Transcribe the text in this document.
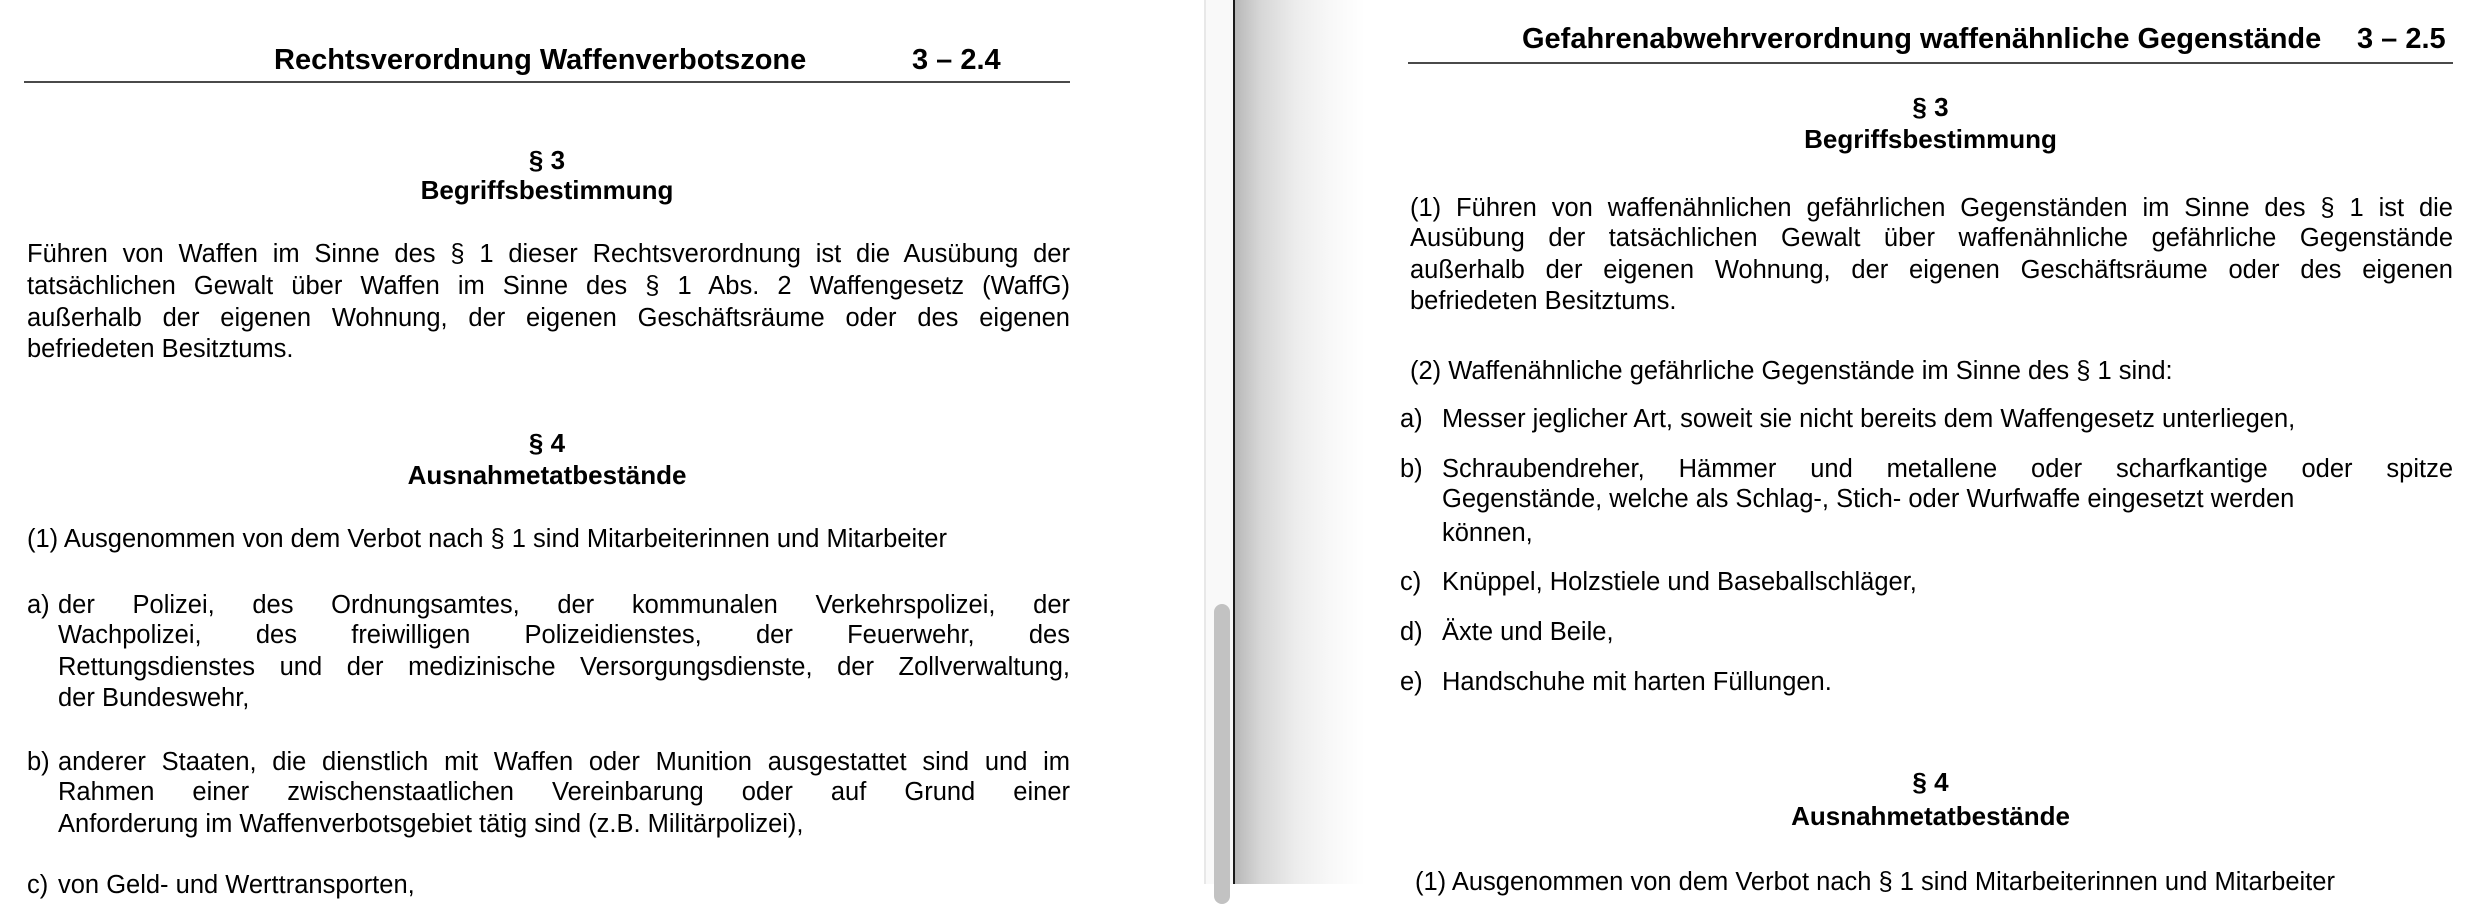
Rechtsverordnung Waffenverbotszone	3 – 2.4
§ 3
Begriffsbestimmung
Führen von Waffen im Sinne des § 1 dieser Rechtsverordnung ist die Ausübung der
tatsächlichen Gewalt über Waffen im Sinne des § 1 Abs. 2 Waffengesetz (WaffG)
außerhalb der eigenen Wohnung, der eigenen Geschäftsräume oder des eigenen
befriedeten Besitztums.
§ 4
Ausnahmetatbestände
(1) Ausgenommen von dem Verbot nach § 1 sind Mitarbeiterinnen und Mitarbeiter
a) der Polizei, des Ordnungsamtes, der kommunalen Verkehrspolizei, der
Wachpolizei, des freiwilligen Polizeidienstes, der Feuerwehr, des
Rettungsdienstes und der medizinische Versorgungsdienste, der Zollverwaltung,
der Bundeswehr,
b) anderer Staaten, die dienstlich mit Waffen oder Munition ausgestattet sind und im
Rahmen einer zwischenstaatlichen Vereinbarung oder auf Grund einer
Anforderung im Waffenverbotsgebiet tätig sind (z.B. Militärpolizei),
c) von Geld- und Werttransporten,
Gefahrenabwehrverordnung waffenähnliche Gegenstände 3 – 2.5
§ 3
Begriffsbestimmung
(1) Führen von waffenähnlichen gefährlichen Gegenständen im Sinne des § 1 ist die
Ausübung der tatsächlichen Gewalt über waffenähnliche gefährliche Gegenstände
außerhalb der eigenen Wohnung, der eigenen Geschäftsräume oder des eigenen
befriedeten Besitztums.
(2) Waffenähnliche gefährliche Gegenstände im Sinne des § 1 sind:
a) Messer jeglicher Art, soweit sie nicht bereits dem Waffengesetz unterliegen,
b) Schraubendreher, Hämmer und metallene oder scharfkantige oder spitze
Gegenstände, welche als Schlag-, Stich- oder Wurfwaffe eingesetzt werden
können,
c) Knüppel, Holzstiele und Baseballschläger,
d) Äxte und Beile,
e) Handschuhe mit harten Füllungen.
§ 4
Ausnahmetatbestände
(1) Ausgenommen von dem Verbot nach § 1 sind Mitarbeiterinnen und Mitarbeiter
